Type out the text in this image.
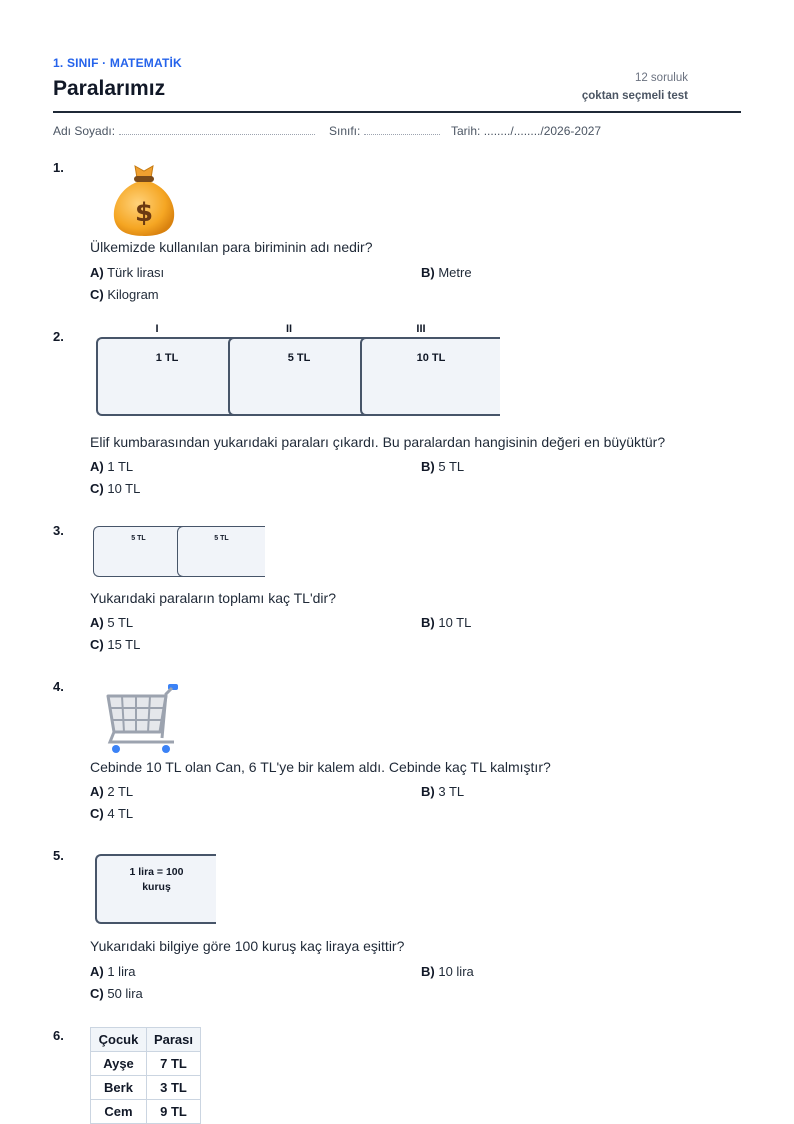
1. SINIF · MATEMATİK
Paralarımız	12 soruluk
çoktan seçmeli test
Adı Soyadı:	Sınıfı:	Tarih: ......../......../2026-2027
1.
$
Ülkemizde kullanılan para biriminin adı nedir?
A) Türk lirası	B) Metre
C) Kilogram
2.	I	II	III
1 TL	5 TL	10 TL
Elif kumbarasından yukarıdaki paraları çıkardı. Bu paralardan hangisinin değeri en büyüktür?
A) 1 TL	B) 5 TL
C) 10 TL
3.
5 TL	5 TL
Yukarıdaki paraların toplamı kaç TL'dir?
A) 5 TL	B) 10 TL
C) 15 TL
4.
Cebinde 10 TL olan Can, 6 TL'ye bir kalem aldı. Cebinde kaç TL kalmıştır?
A) 2 TL	B) 3 TL
C) 4 TL
5.
1 lira = 100
kuruş
Yukarıdaki bilgiye göre 100 kuruş kaç liraya eşittir?
A) 1 lira	B) 10 lira
C) 50 lira
6.	Çocuk	Parası
Ayşe	7 TL
Berk	3 TL
Cem	9 TL
